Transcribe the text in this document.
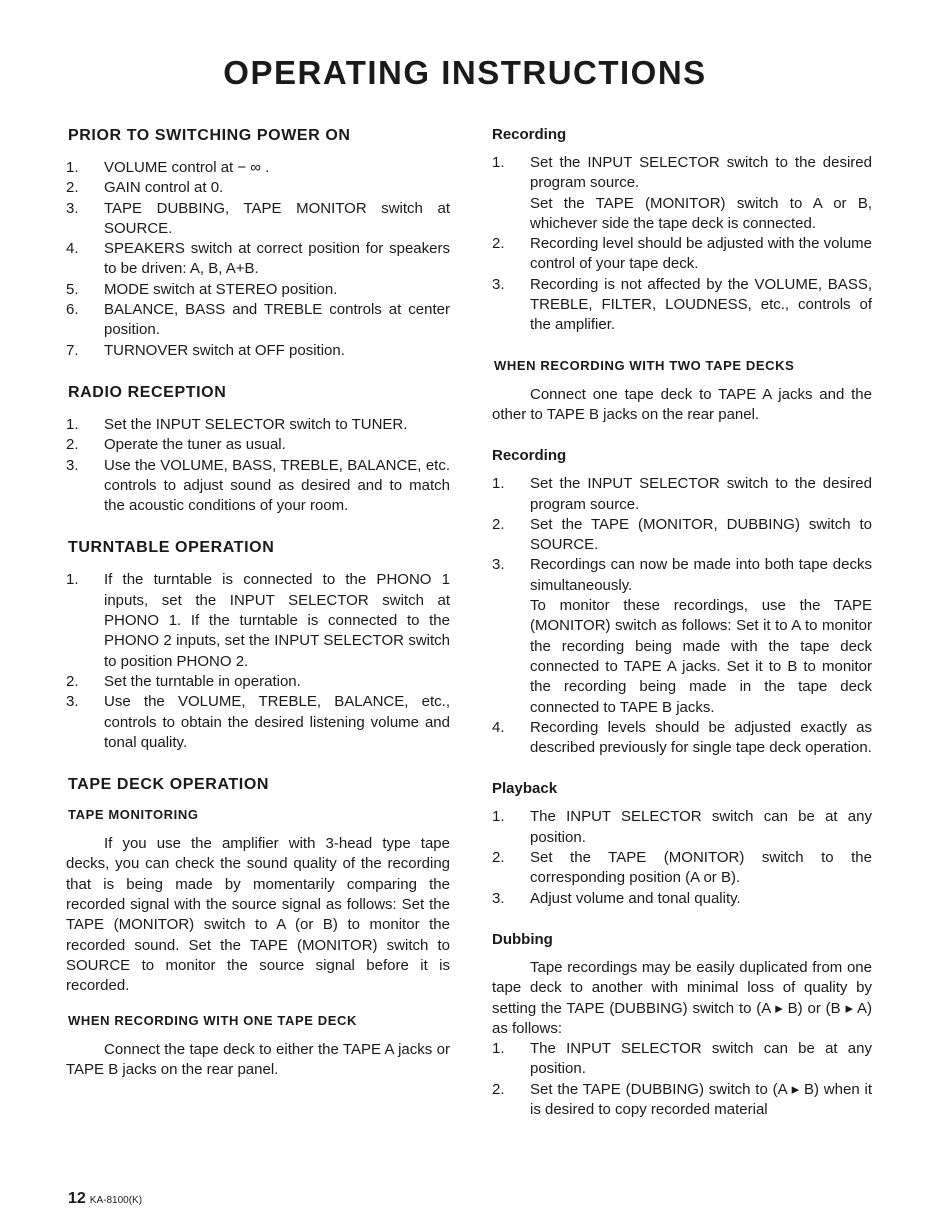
OPERATING INSTRUCTIONS
PRIOR TO SWITCHING POWER ON
1.	VOLUME control at − ∞ .
2.	GAIN control at 0.
3.	TAPE DUBBING, TAPE MONITOR switch at SOURCE.
4.	SPEAKERS switch at correct position for speakers to be driven: A, B, A+B.
5.	MODE switch at STEREO position.
6.	BALANCE, BASS and TREBLE controls at center position.
7.	TURNOVER switch at OFF position.
RADIO RECEPTION
1.	Set the INPUT SELECTOR switch to TUNER.
2.	Operate the tuner as usual.
3.	Use the VOLUME, BASS, TREBLE, BALANCE, etc. controls to adjust sound as desired and to match the acoustic conditions of your room.
TURNTABLE OPERATION
1.	If the turntable is connected to the PHONO 1 inputs, set the INPUT SELECTOR switch at PHONO 1. If the turntable is connected to the PHONO 2 inputs, set the INPUT SELECTOR switch to position PHONO 2.
2.	Set the turntable in operation.
3.	Use the VOLUME, TREBLE, BALANCE, etc., controls to obtain the desired listening volume and tonal quality.
TAPE DECK OPERATION
TAPE MONITORING

If you use the amplifier with 3-head type tape decks, you can check the sound quality of the recording that is being made by momentarily comparing the recorded signal with the source signal as follows: Set the TAPE (MONITOR) switch to A (or B) to monitor the recorded sound. Set the TAPE (MONITOR) switch to SOURCE to monitor the source signal before it is recorded.

WHEN RECORDING WITH ONE TAPE DECK

Connect the tape deck to either the TAPE A jacks or TAPE B jacks on the rear panel.

Recording
1.	Set the INPUT SELECTOR switch to the desired program source.
Set the TAPE (MONITOR) switch to A or B, whichever side the tape deck is connected.
2.	Recording level should be adjusted with the volume control of your tape deck.
3.	Recording is not affected by the VOLUME, BASS, TREBLE, FILTER, LOUDNESS, etc., controls of the amplifier.
WHEN RECORDING WITH TWO TAPE DECKS

Connect one tape deck to TAPE A jacks and the other to TAPE B jacks on the rear panel.

Recording
1.	Set the INPUT SELECTOR switch to the desired program source.
2.	Set the TAPE (MONITOR, DUBBING) switch to SOURCE.
3.	Recordings can now be made into both tape decks simultaneously.
To monitor these recordings, use the TAPE (MONITOR) switch as follows: Set it to A to monitor the recording being made with the tape deck connected to TAPE A jacks. Set it to B to monitor the recording being made in the tape deck connected to TAPE B jacks.
4.	Recording levels should be adjusted exactly as described previously for single tape deck operation.
Playback
1.	The INPUT SELECTOR switch can be at any position.
2.	Set the TAPE (MONITOR) switch to the corresponding position (A or B).
3.	Adjust volume and tonal quality.
Dubbing

Tape recordings may be easily duplicated from one tape deck to another with minimal loss of quality by setting the TAPE (DUBBING) switch to (A ▸ B) or (B ▸ A) as follows:

1.	The INPUT SELECTOR switch can be at any position.
2.	Set the TAPE (DUBBING) switch to (A ▸ B) when it is desired to copy recorded material
12 KA-8100(K)
